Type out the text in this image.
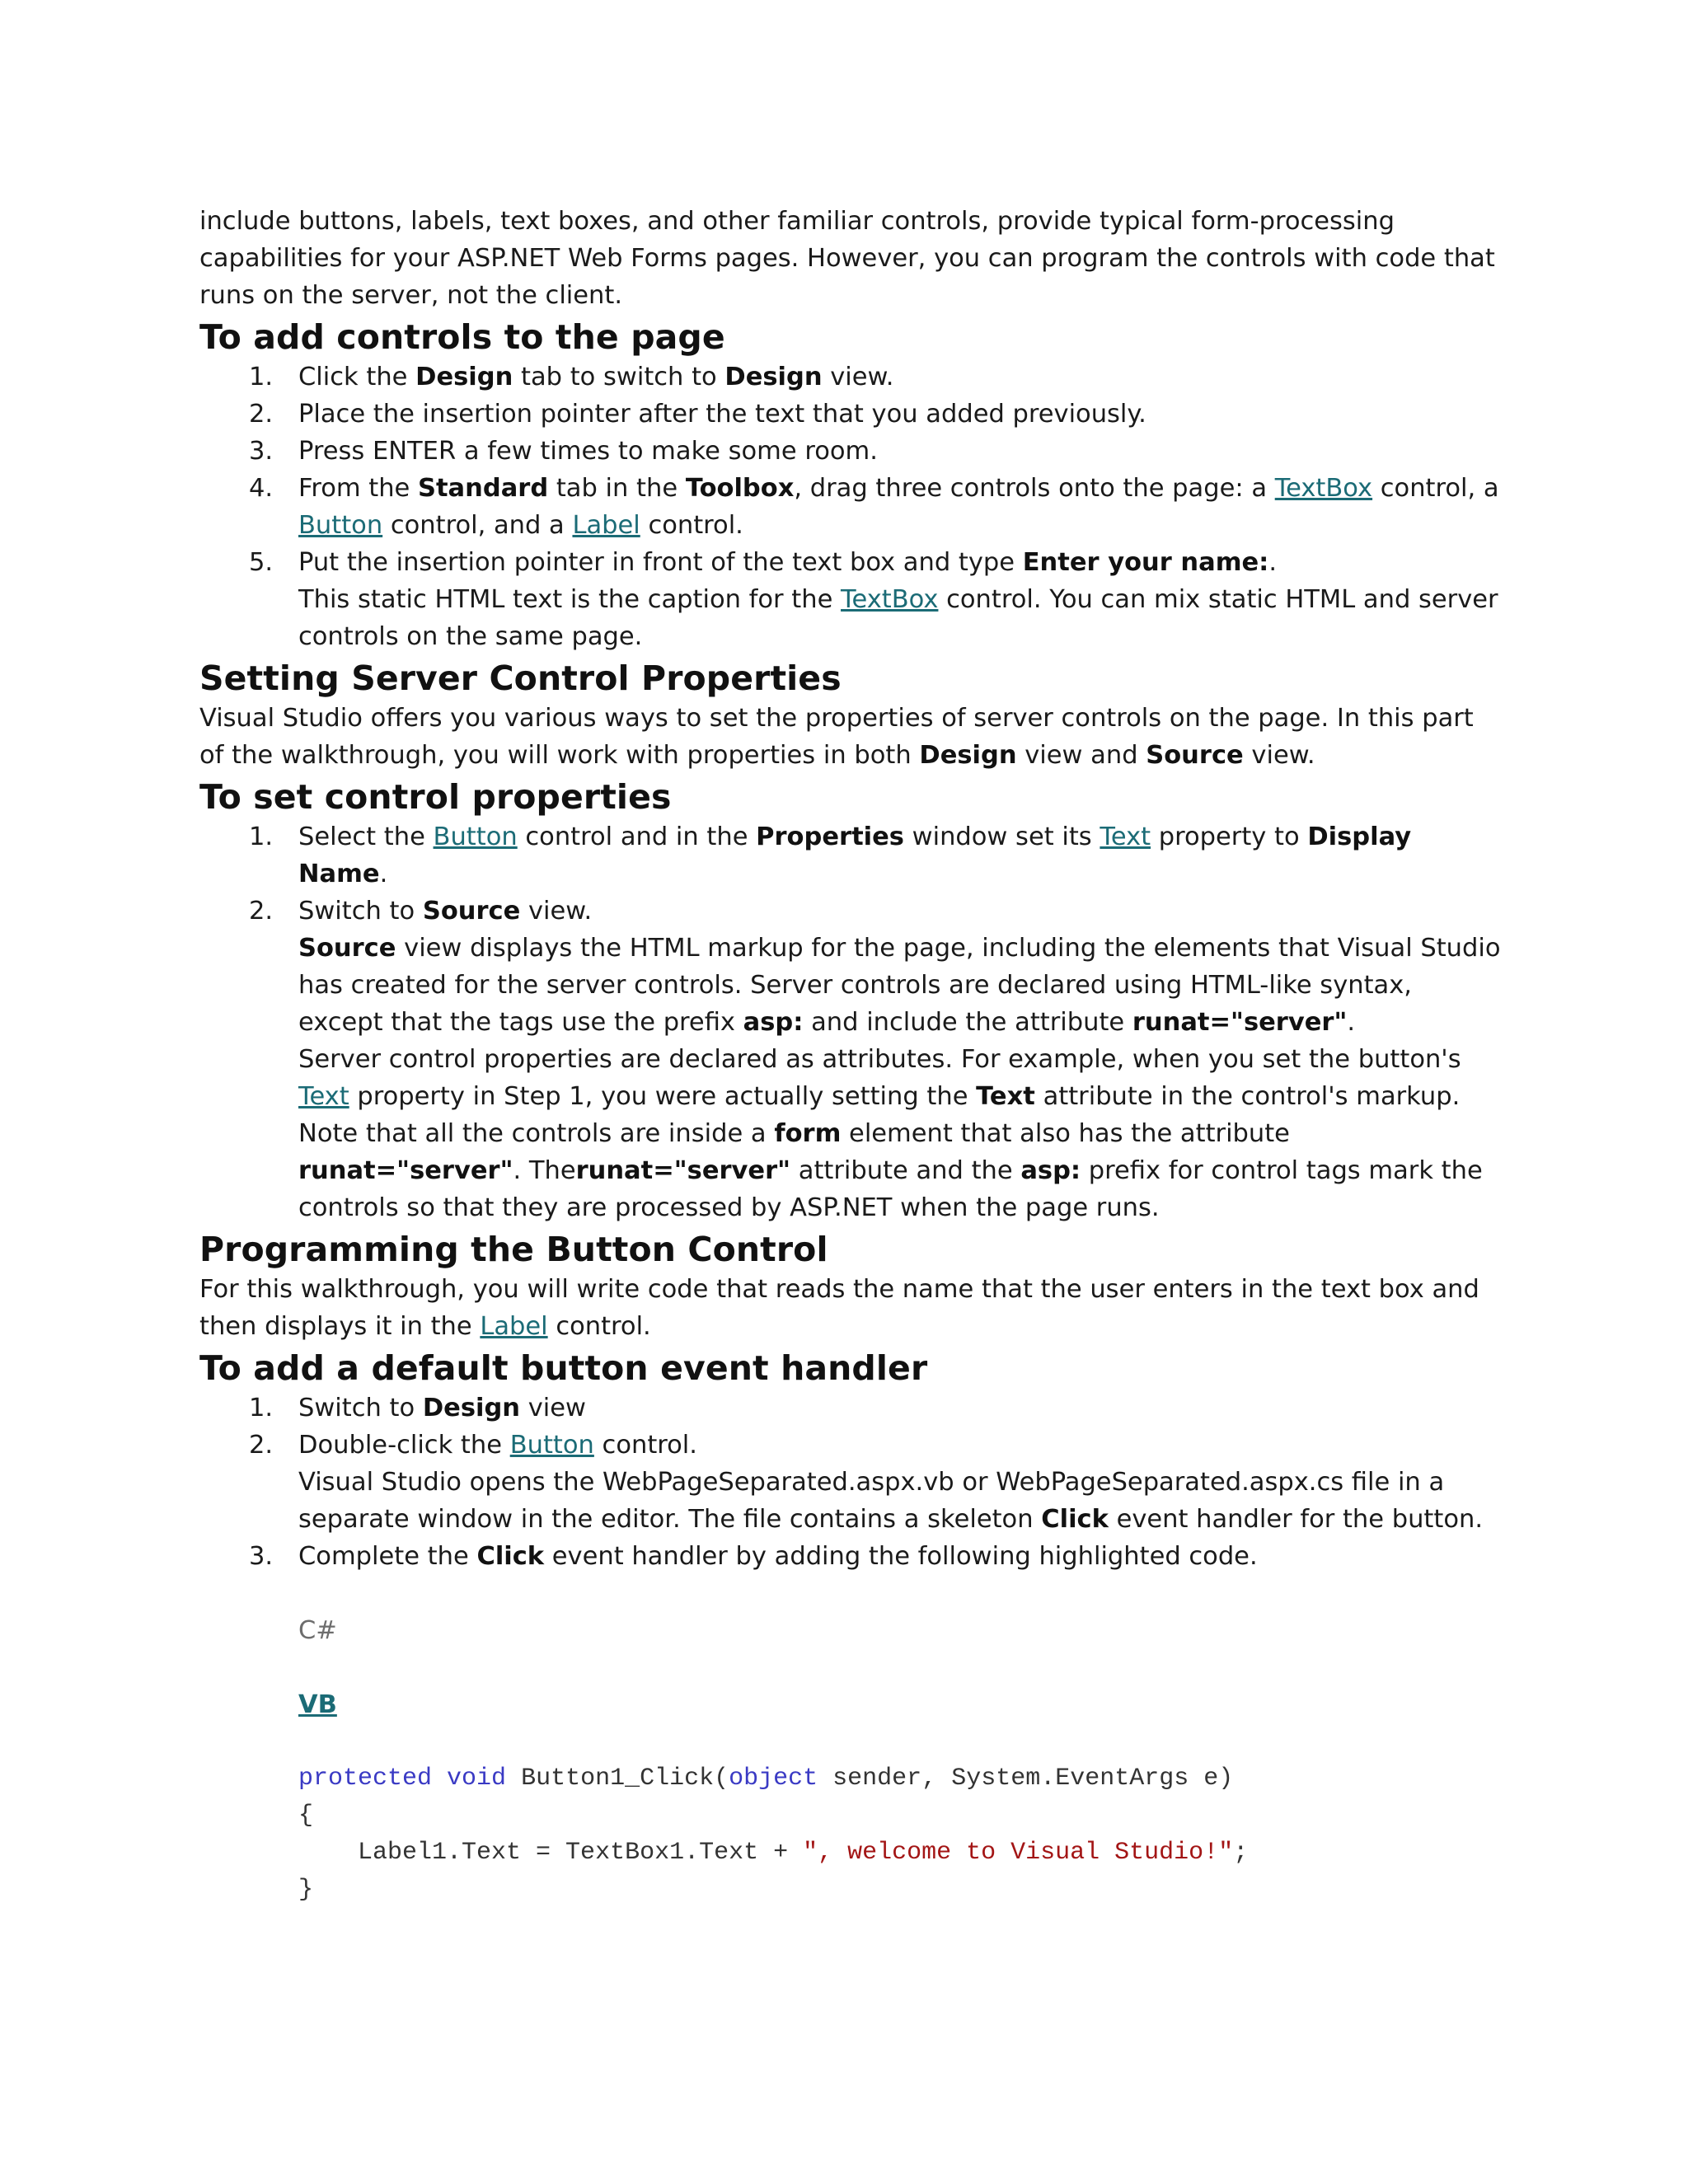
include buttons, labels, text boxes, and other familiar controls, provide typical form-processing capabilities for your ASP.NET Web Forms pages. However, you can program the controls with code that runs on the server, not the client.

To add controls to the page
1. Click the Design tab to switch to Design view.
2. Place the insertion pointer after the text that you added previously.
3. Press ENTER a few times to make some room.
4. From the Standard tab in the Toolbox, drag three controls onto the page: a TextBox control, a Button control, and a Label control.
5. Put the insertion pointer in front of the text box and type Enter your name:.
This static HTML text is the caption for the TextBox control. You can mix static HTML and server controls on the same page.
Setting Server Control Properties

Visual Studio offers you various ways to set the properties of server controls on the page. In this part of the walkthrough, you will work with properties in both Design view and Source view.

To set control properties
1. Select the Button control and in the Properties window set its Text property to Display Name.
2. Switch to Source view.
Source view displays the HTML markup for the page, including the elements that Visual Studio has created for the server controls. Server controls are declared using HTML-like syntax, except that the tags use the prefix asp: and include the attribute runat="server".
Server control properties are declared as attributes. For example, when you set the button's Text property in Step 1, you were actually setting the Text attribute in the control's markup.
Note that all the controls are inside a form element that also has the attribute runat="server". Therunat="server" attribute and the asp: prefix for control tags mark the controls so that they are processed by ASP.NET when the page runs.
Programming the Button Control

For this walkthrough, you will write code that reads the name that the user enters in the text box and then displays it in the Label control.

To add a default button event handler
1. Switch to Design view
2. Double-click the Button control.
Visual Studio opens the WebPageSeparated.aspx.vb or WebPageSeparated.aspx.cs file in a separate window in the editor. The file contains a skeleton Click event handler for the button.
3. Complete the Click event handler by adding the following highlighted code.
C#
VB
protected void Button1_Click(object sender, System.EventArgs e)
{
Label1.Text = TextBox1.Text + ", welcome to Visual Studio!";
}
